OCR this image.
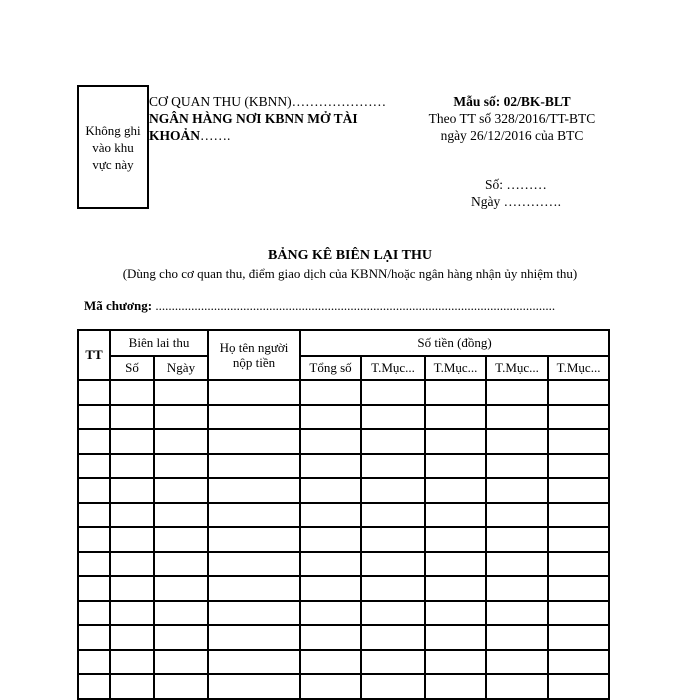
Không ghi vào khu vực này
CƠ QUAN THU (KBNN)…………………
NGÂN HÀNG NƠI KBNN MỞ TÀI KHOẢN…….
Mẫu số: 02/BK-BLT
Theo TT số 328/2016/TT-BTC ngày 26/12/2016 của BTC
Số: ………
Ngày ………….
BẢNG KÊ BIÊN LẠI THU
(Dùng cho cơ quan thu, điểm giao dịch của KBNN/hoặc ngân hàng nhận ủy nhiệm thu)
Mã chương: ...........................................................................................................................
TT	Biên lai thu		Họ tên người nộp tiền	Số tiền (đồng)				
	Số	Ngày		Tổng số	T.Mục...	T.Mục...	T.Mục...	T.Mục...
